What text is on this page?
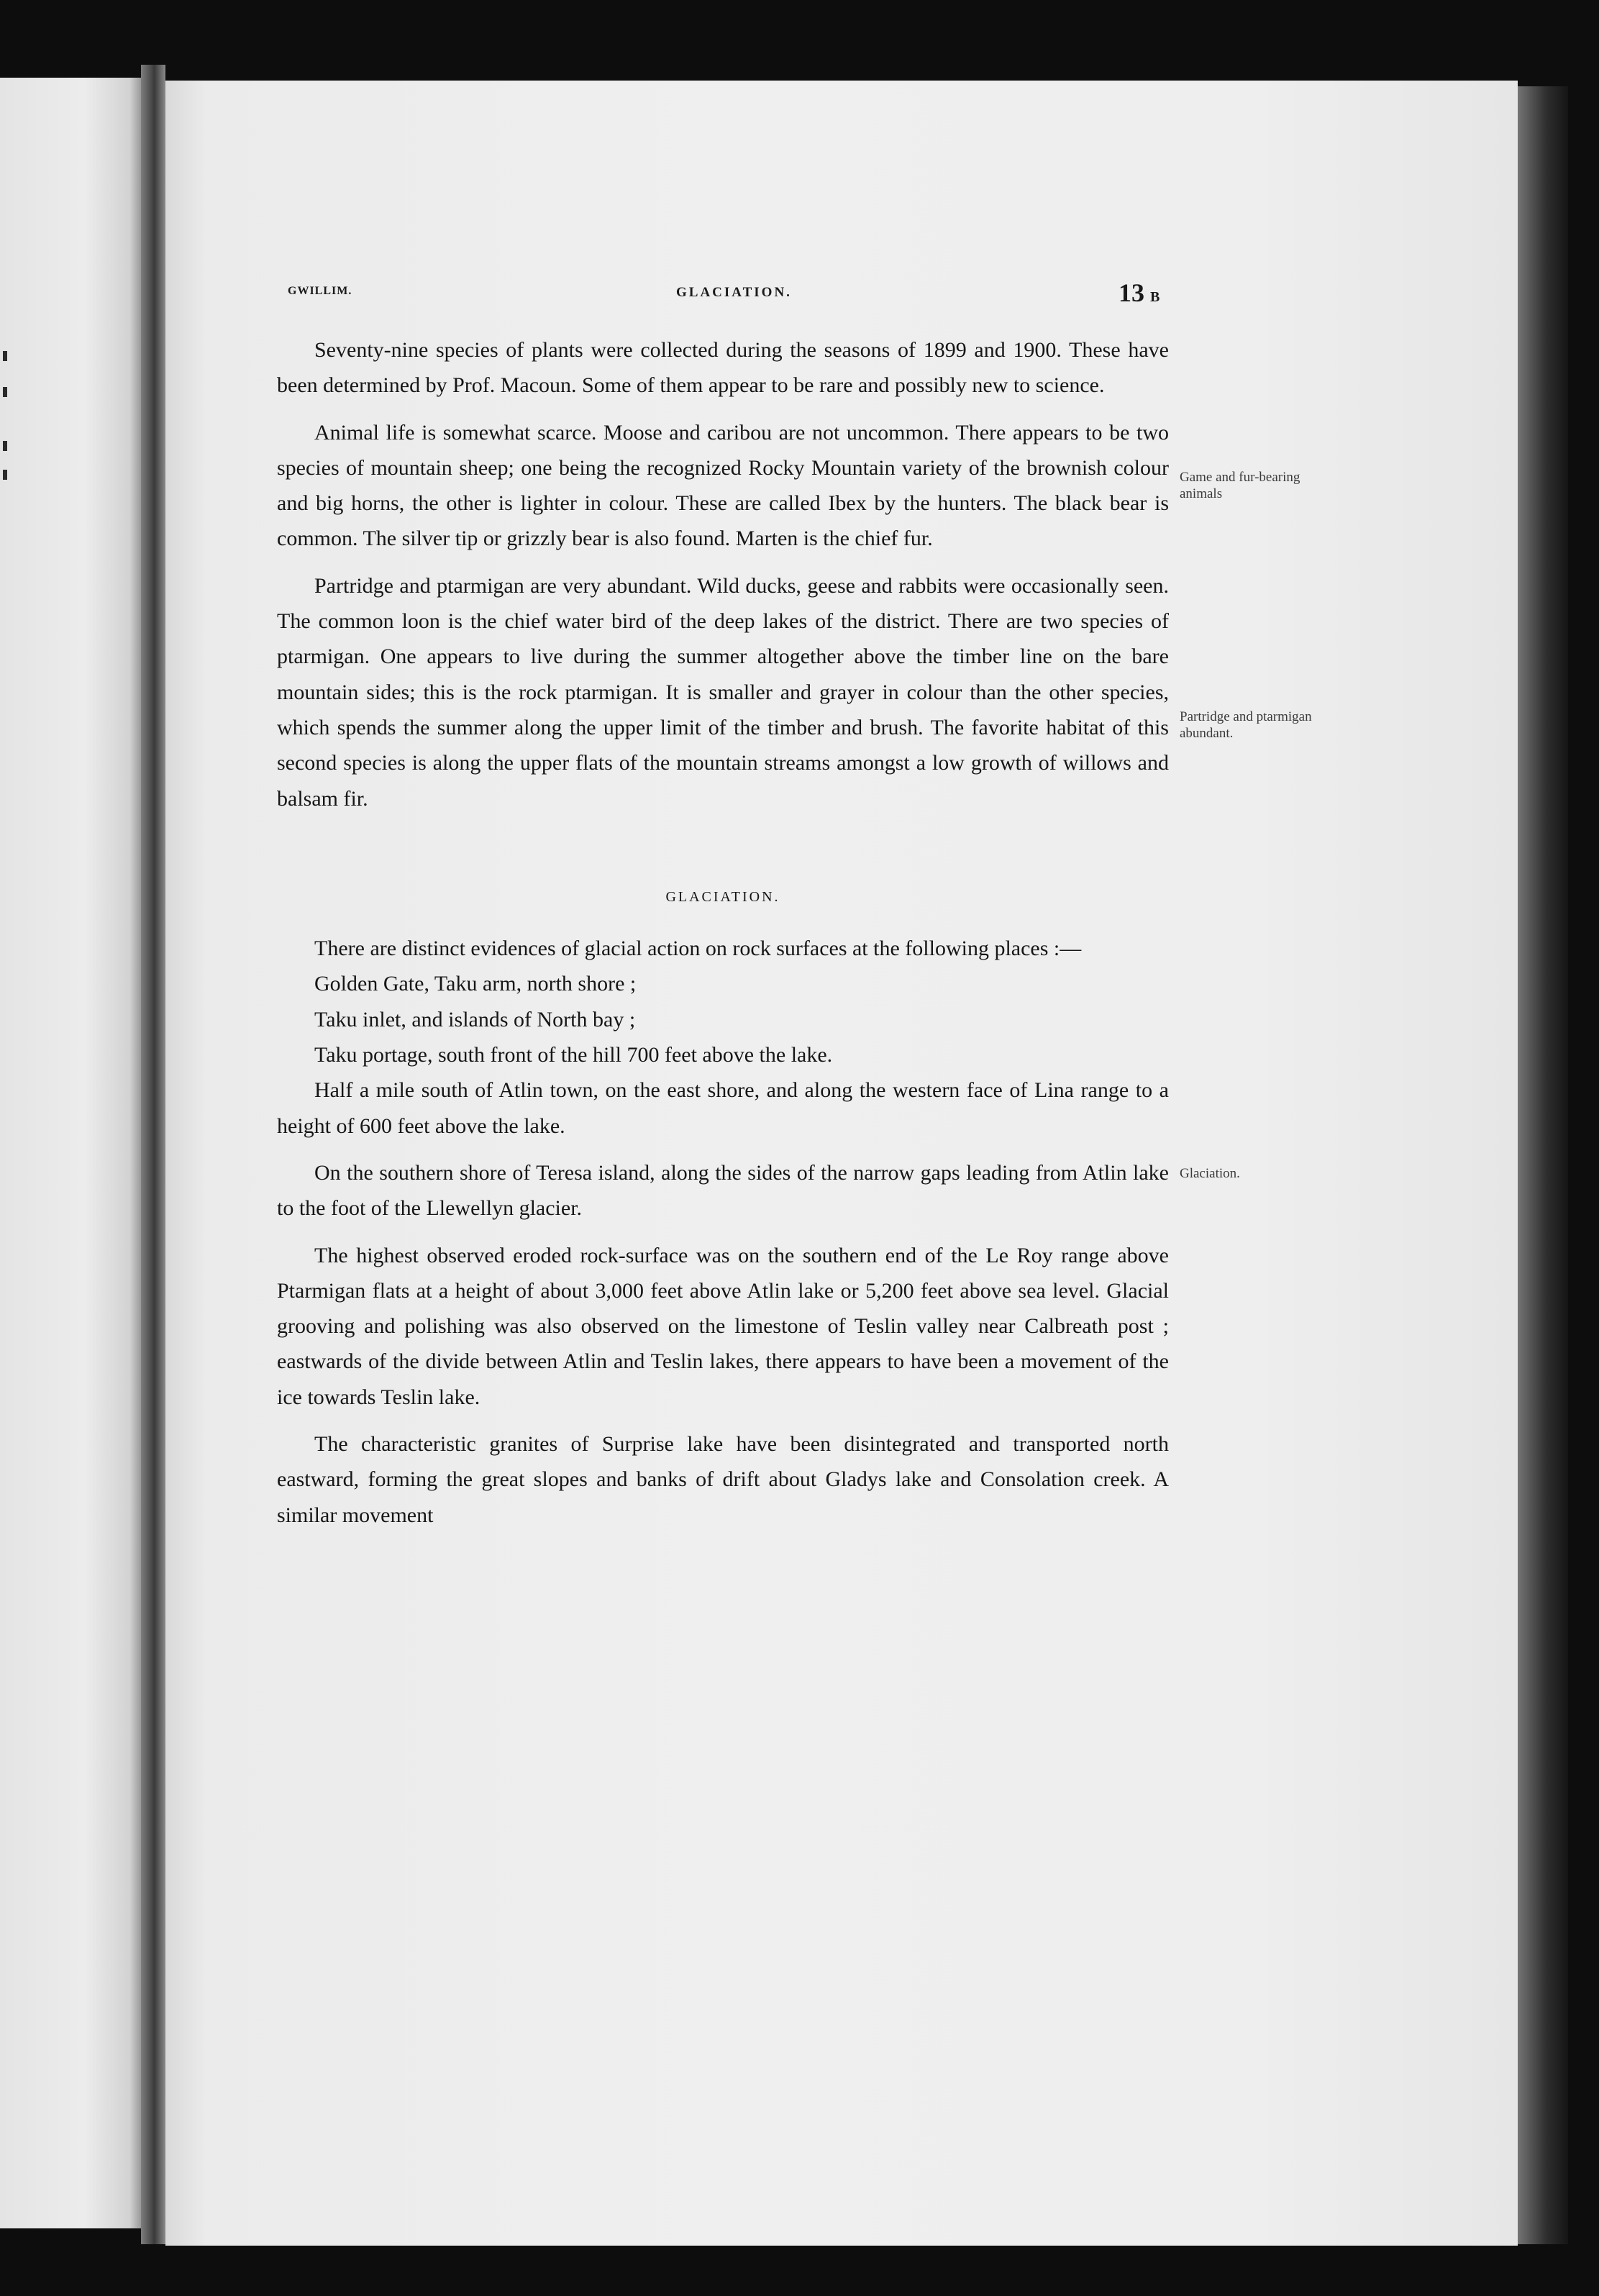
GWILLIM.	GLACIATION.	13 B

Seventy-nine species of plants were collected during the seasons of 1899 and 1900. These have been determined by Prof. Macoun. Some of them appear to be rare and possibly new to science.

Animal life is somewhat scarce. Moose and caribou are not uncommon. There appears to be two species of mountain sheep; one being the recognized Rocky Mountain variety of the brownish colour and big horns, the other is lighter in colour. These are called Ibex by the hunters. The black bear is common. The silver tip or grizzly bear is also found. Marten is the chief fur.

Partridge and ptarmigan are very abundant. Wild ducks, geese and rabbits were occasionally seen. The common loon is the chief water bird of the deep lakes of the district. There are two species of ptarmigan. One appears to live during the summer altogether above the timber line on the bare mountain sides; this is the rock ptarmigan. It is smaller and grayer in colour than the other species, which spends the summer along the upper limit of the timber and brush. The favorite habitat of this second species is along the upper flats of the mountain streams amongst a low growth of willows and balsam fir.

GLACIATION.

There are distinct evidences of glacial action on rock surfaces at the following places :—

Golden Gate, Taku arm, north shore ;

Taku inlet, and islands of North bay ;

Taku portage, south front of the hill 700 feet above the lake.

Half a mile south of Atlin town, on the east shore, and along the western face of Lina range to a height of 600 feet above the lake.

On the southern shore of Teresa island, along the sides of the narrow gaps leading from Atlin lake to the foot of the Llewellyn glacier.

The highest observed eroded rock-surface was on the southern end of the Le Roy range above Ptarmigan flats at a height of about 3,000 feet above Atlin lake or 5,200 feet above sea level. Glacial grooving and polishing was also observed on the limestone of Teslin valley near Calbreath post ; eastwards of the divide between Atlin and Teslin lakes, there appears to have been a movement of the ice towards Teslin lake.

The characteristic granites of Surprise lake have been disintegrated and transported north eastward, forming the great slopes and banks of drift about Gladys lake and Consolation creek. A similar movement

Game and fur-bearing animals
Partridge and ptarmigan abundant.
Glaciation.
